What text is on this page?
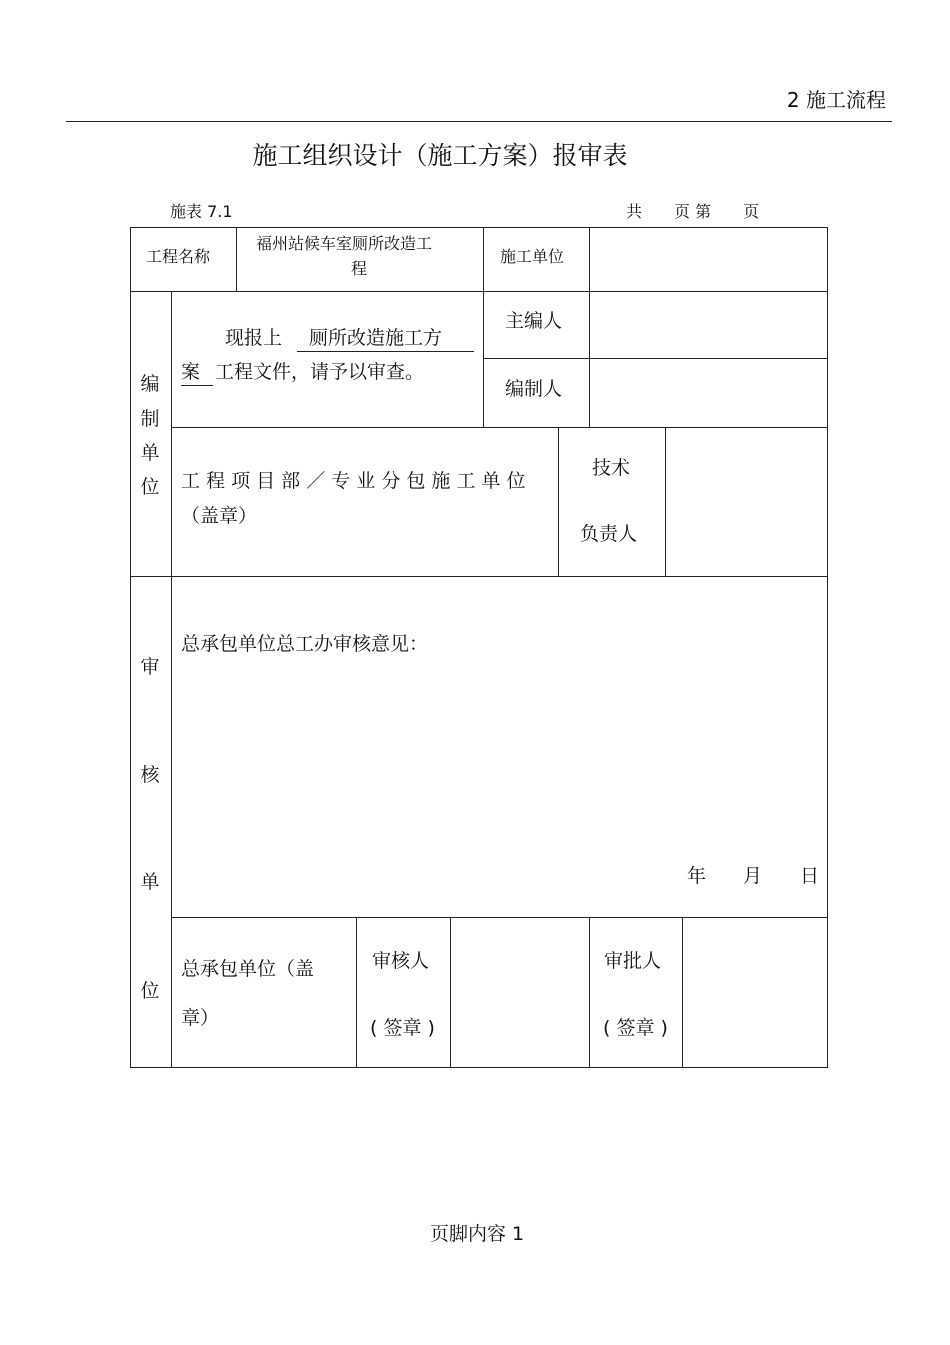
2 施工流程
施工组织设计（施工方案）报审表
施表 7.1	共　　页 第　　页
工程名称
福州站候车室厕所改造工
程
施工单位
编
制
单
位
现报上	厕所改造施工方
案 工程文件，请予以审查。
主编人
编制人
工 程 项 目 部 ／ 专 业 分 包 施 工 单 位
（盖章）
技术
负责人
审
核
单
位
总承包单位总工办审核意见：
年 月 日
总承包单位（盖
章）
审核人
( 签章 )
审批人
( 签章 )
页脚内容 1
